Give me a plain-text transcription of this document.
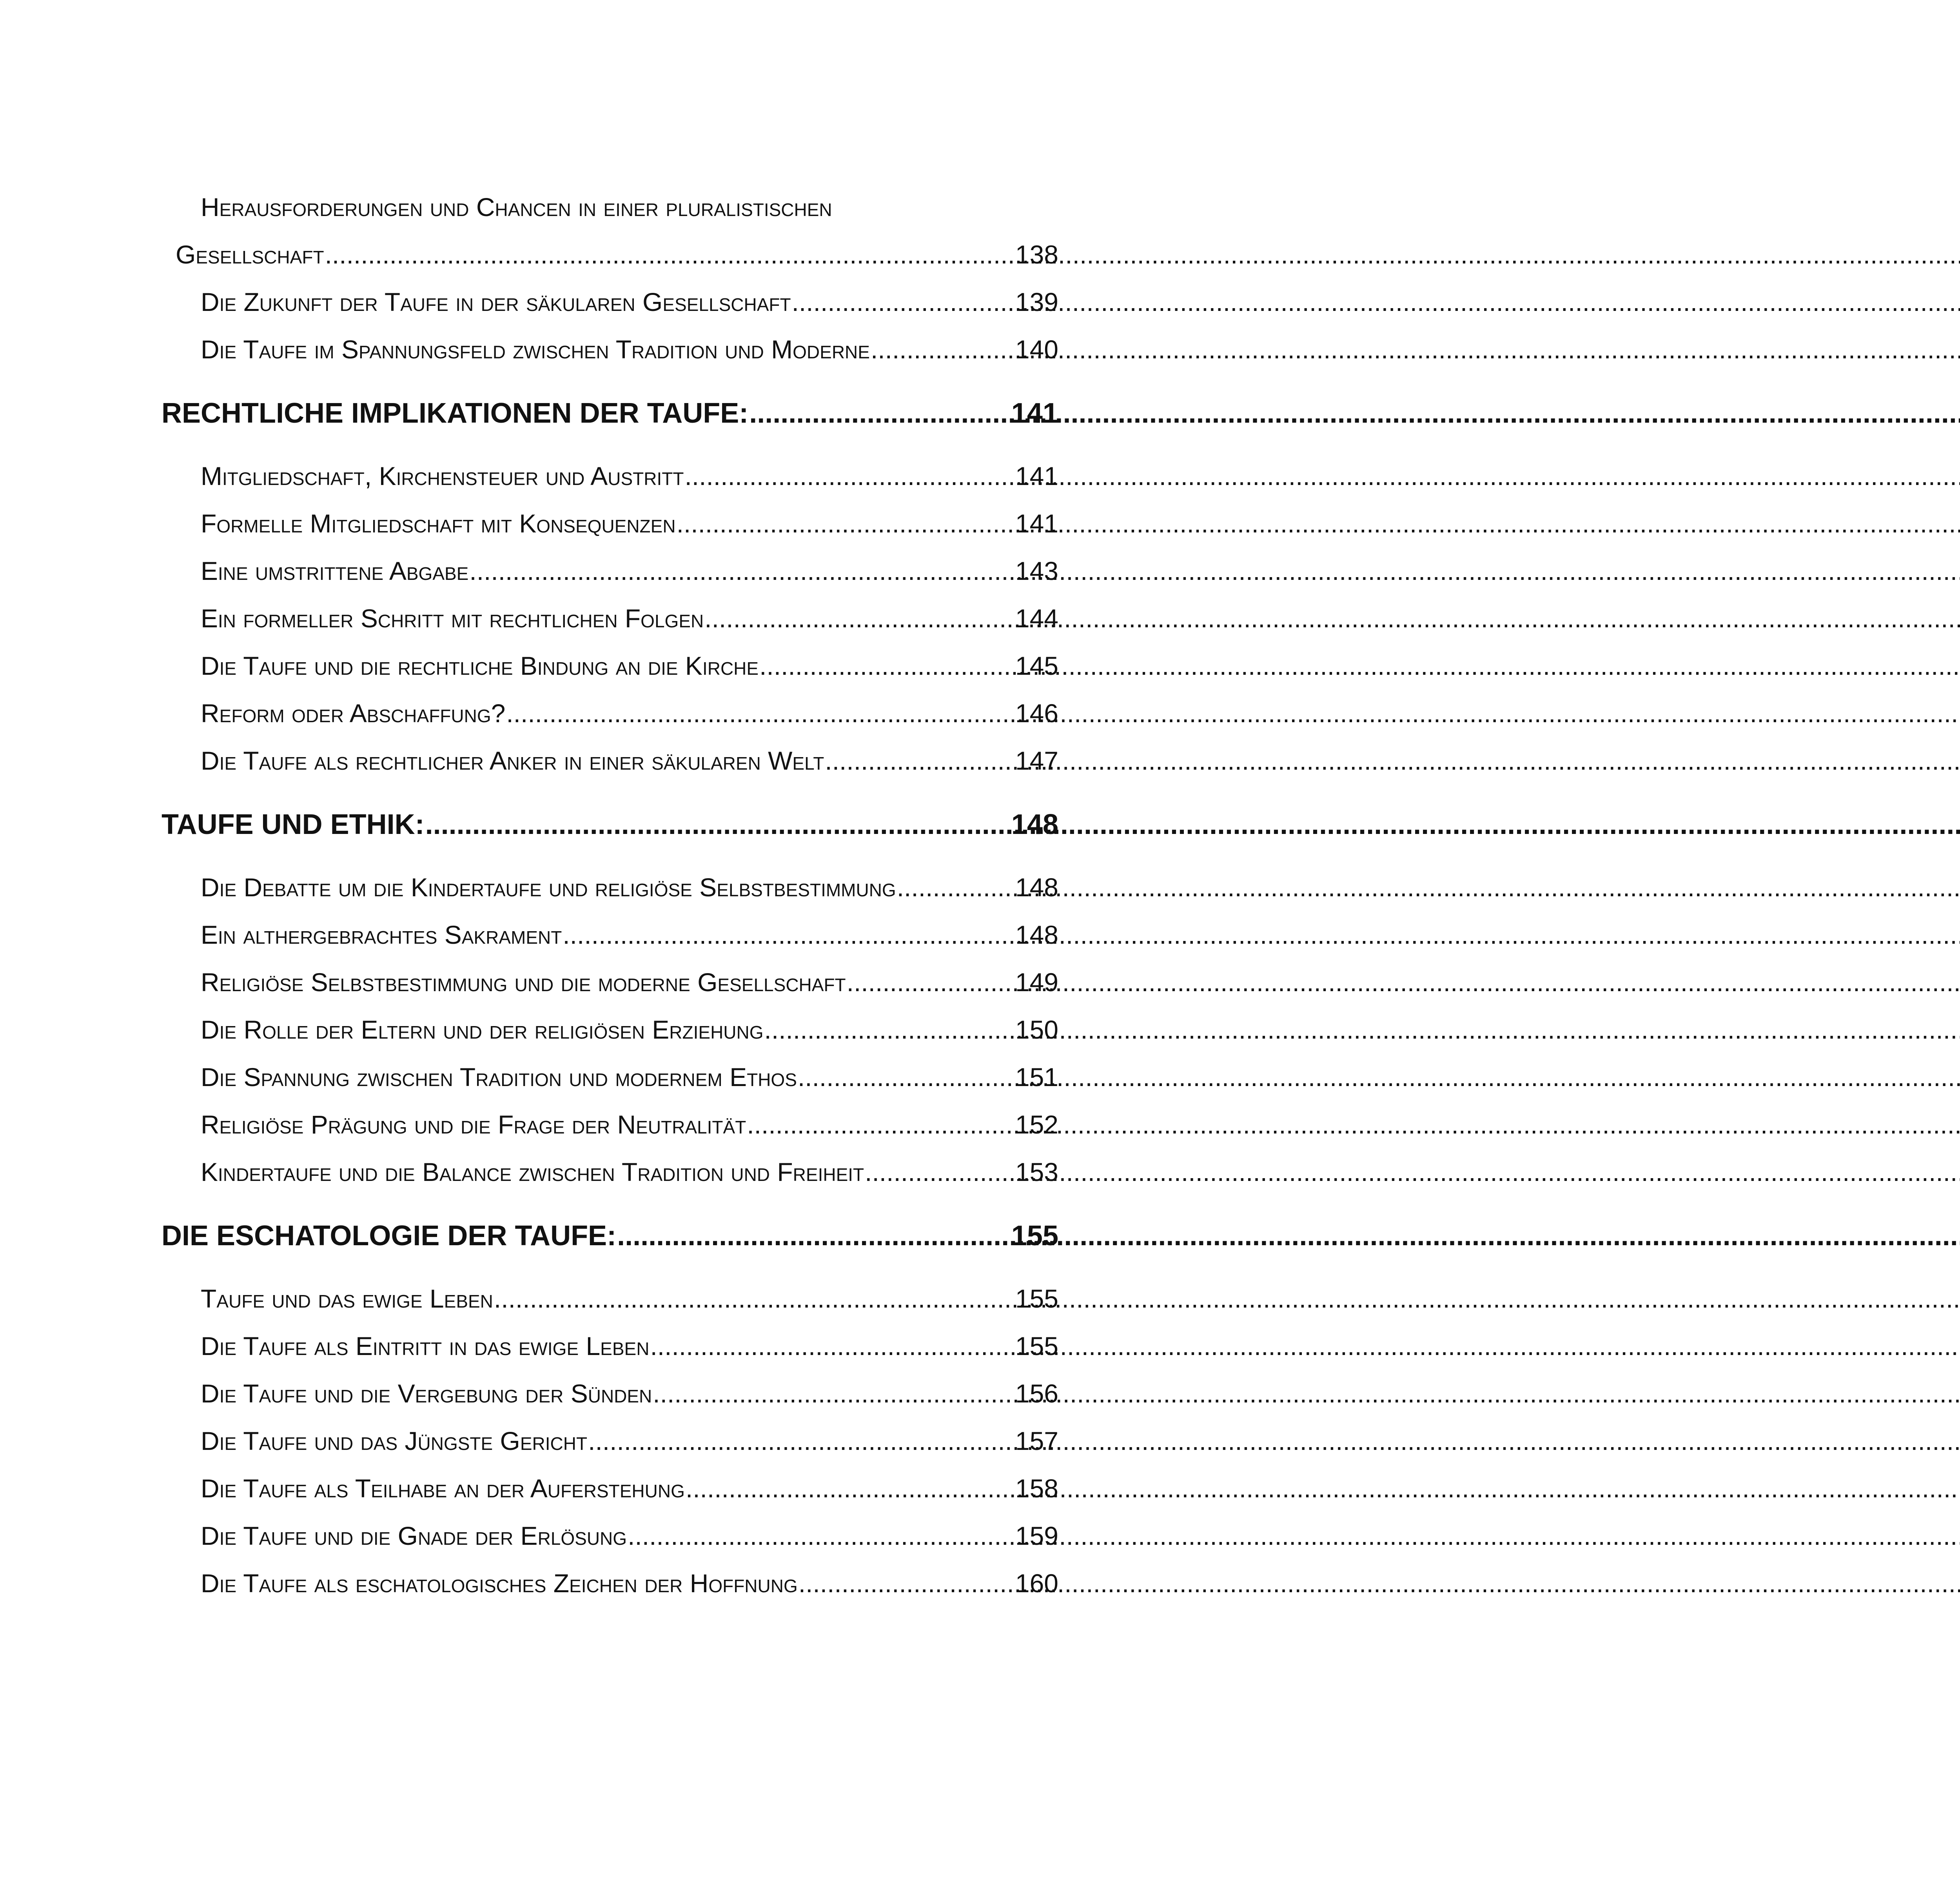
Herausforderungen und Chancen in einer pluralistischen
Gesellschaft .....	138
Die Zukunft der Taufe in der säkularen Gesellschaft .....	139
Die Taufe im Spannungsfeld zwischen Tradition und Moderne .....	140
RECHTLICHE IMPLIKATIONEN DER TAUFE: .....	141
Mitgliedschaft, Kirchensteuer und Austritt .....	141
Formelle Mitgliedschaft mit Konsequenzen .....	141
Eine umstrittene Abgabe .....	143
Ein formeller Schritt mit rechtlichen Folgen .....	144
Die Taufe und die rechtliche Bindung an die Kirche .....	145
Reform oder Abschaffung? .....	146
Die Taufe als rechtlicher Anker in einer säkularen Welt .....	147
TAUFE UND ETHIK: .....	148
Die Debatte um die Kindertaufe und religiöse Selbstbestimmung .....	148
Ein althergebrachtes Sakrament .....	148
Religiöse Selbstbestimmung und die moderne Gesellschaft .....	149
Die Rolle der Eltern und der religiösen Erziehung .....	150
Die Spannung zwischen Tradition und modernem Ethos .....	151
Religiöse Prägung und die Frage der Neutralität .....	152
Kindertaufe und die Balance zwischen Tradition und Freiheit .....	153
DIE ESCHATOLOGIE DER TAUFE: .....	155
Taufe und das ewige Leben .....	155
Die Taufe als Eintritt in das ewige Leben .....	155
Die Taufe und die Vergebung der Sünden .....	156
Die Taufe und das Jüngste Gericht .....	157
Die Taufe als Teilhabe an der Auferstehung .....	158
Die Taufe und die Gnade der Erlösung .....	159
Die Taufe als eschatologisches Zeichen der Hoffnung .....	160
